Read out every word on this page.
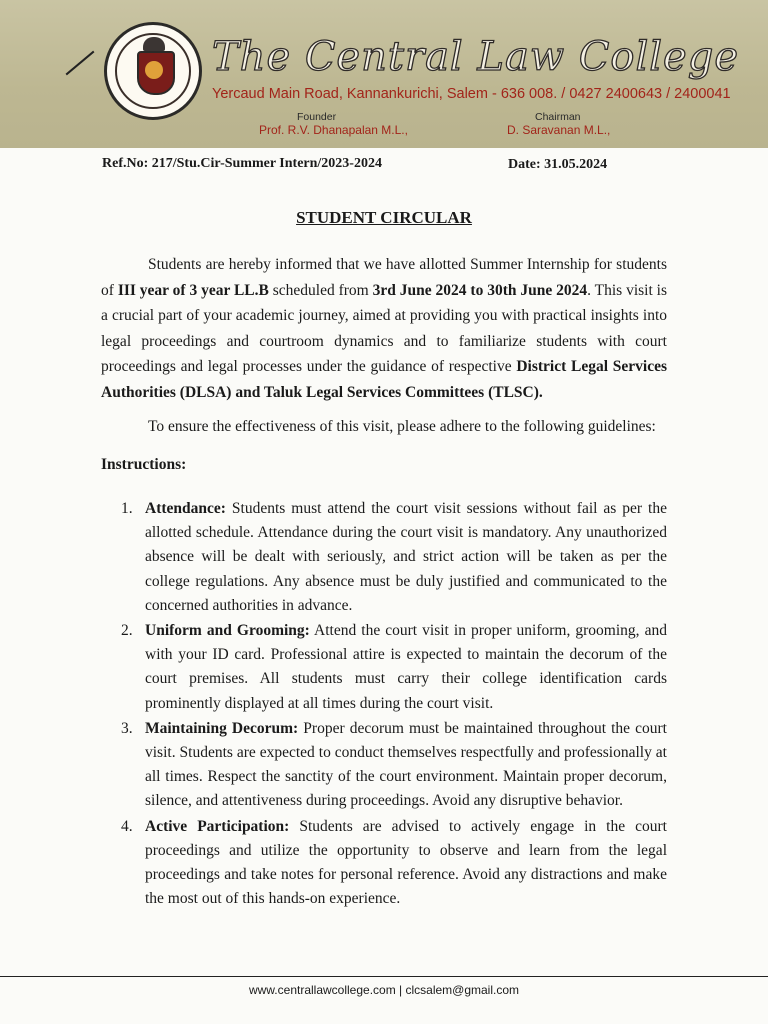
The Central Law College
Yercaud Main Road, Kannankurichi, Salem - 636 008. / 0427 2400643 / 2400041
Founder
Prof. R.V. Dhanapalan M.L.,
Chairman
D. Saravanan M.L.,
Ref.No: 217/Stu.Cir-Summer Intern/2023-2024	Date: 31.05.2024
STUDENT CIRCULAR
Students are hereby informed that we have allotted Summer Internship for students of III year of 3 year LL.B scheduled from 3rd June 2024 to 30th June 2024. This visit is a crucial part of your academic journey, aimed at providing you with practical insights into legal proceedings and courtroom dynamics and to familiarize students with court proceedings and legal processes under the guidance of respective District Legal Services Authorities (DLSA) and Taluk Legal Services Committees (TLSC).
To ensure the effectiveness of this visit, please adhere to the following guidelines:
Instructions:
1. Attendance: Students must attend the court visit sessions without fail as per the allotted schedule. Attendance during the court visit is mandatory. Any unauthorized absence will be dealt with seriously, and strict action will be taken as per the college regulations. Any absence must be duly justified and communicated to the concerned authorities in advance.
2. Uniform and Grooming: Attend the court visit in proper uniform, grooming, and with your ID card. Professional attire is expected to maintain the decorum of the court premises. All students must carry their college identification cards prominently displayed at all times during the court visit.
3. Maintaining Decorum: Proper decorum must be maintained throughout the court visit. Students are expected to conduct themselves respectfully and professionally at all times. Respect the sanctity of the court environment. Maintain proper decorum, silence, and attentiveness during proceedings. Avoid any disruptive behavior.
4. Active Participation: Students are advised to actively engage in the court proceedings and utilize the opportunity to observe and learn from the legal proceedings and take notes for personal reference. Avoid any distractions and make the most out of this hands-on experience.
www.centrallawcollege.com | clcsalem@gmail.com
